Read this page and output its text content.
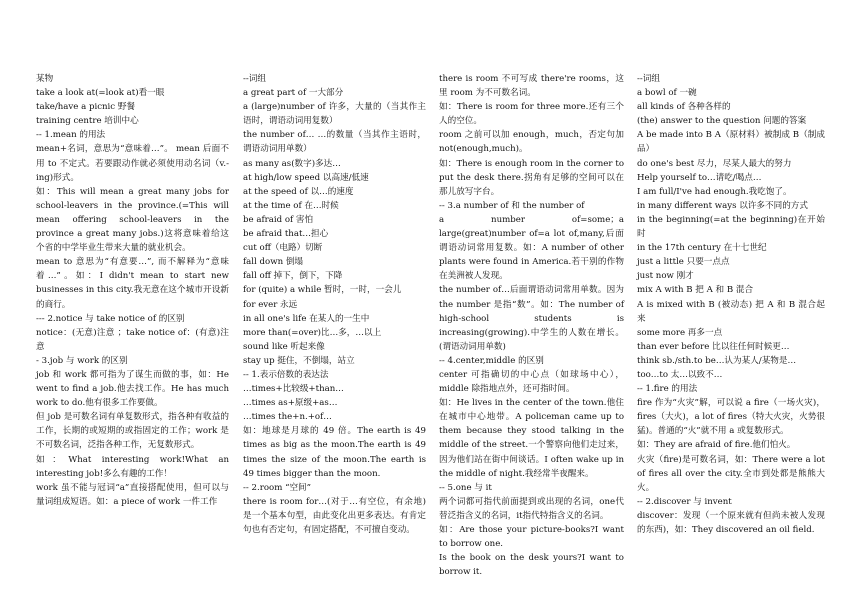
某物

take a look at(=look at)看一眼

take/have a picnic 野餐

training centre 培训中心

-- 1.mean 的用法

mean+名词，意思为“意味着…”。 mean 后面不用 to 不定式。若要跟动作就必须使用动名词（v.-ing)形式。

如：This will mean a great many jobs for school-leavers in the province.(=This will mean offering school-leavers in the province a great many jobs.)这将意味着给这个省的中学毕业生带来大量的就业机会。

mean to 意思为“有意要…”, 而不解释为“意味着…”。如：I didn't mean to start new businesses in this city.我无意在这个城市开设新的商行。

--- 2.notice 与 take notice of 的区别

notice：(无意)注意 ；take notice of：(有意)注意

- 3.job 与 work 的区别

job 和 work 都可指为了谋生而做的事，如：He went to find a job.他去找工作。He has much work to do.他有很多工作要做。

但 job 是可数名词有单复数形式，指各种有收益的工作，长期的或短期的或指固定的工作；work 是不可数名词，泛指各种工作，无复数形式。

如：What interesting work!What an interesting job!多么有趣的工作！

work 虽不能与冠词“a”直接搭配使用，但可以与量词组成短语。如：a piece of work 一件工作

--词组

a great part of 一大部分

a (large)number of 许多，大量的（当其作主语时，谓语动词用复数）

the number of… …的数量（当其作主语时，谓语动词用单数）

as many as(数字)多达…

at high/low speed 以高速/低速

at the speed of 以…的速度

at the time of 在…时候

be afraid of 害怕

be afraid that…担心

cut off（电路）切断

fall down 倒塌

fall off 掉下，倒下，下降

for (quite) a while 暂时，一时，一会儿

for ever 永远

in all one's life 在某人的一生中

more than(=over)比…多，…以上

sound like 听起来像

stay up 挺住，不倒塌，站立

-- 1.表示倍数的表达法

…times+比较级+than…

…times as+原级+as…

…times the+n.+of…

如：地球是月球的 49 倍。The earth is 49 times as big as the moon.The earth is 49 times the size of the moon.The earth is 49 times bigger than the moon.

-- 2.room “空间”

there is room for…(对于…有空位，有余地)是一个基本句型，由此变化出更多表达。有肯定句也有否定句，有固定搭配，不可擅自变动。

there is room 不可写成 there're rooms，这里 room 为不可数名词。

如：There is room for three more.还有三个人的空位。

room 之前可以加 enough，much，否定句加 not(enough,much)。

如：There is enough room in the corner to put the desk there.拐角有足够的空间可以在那儿放写字台。

-- 3.a number of 和 the number of

a number of=some；a large(great)number of=a lot of,many,后面谓语动词常用复数。如：A number of other plants were found in America.若干别的作物在美洲被人发现。

the number of…后面谓语动词常用单数。因为the number 是指“数”。如：The number of high-school students is increasing(growing).中学生的人数在增长。(谓语动词用单数)

-- 4.center,middle 的区别

center 可指确切的中心点（如球场中心），middle 除指地点外，还可指时间。

如：He lives in the center of the town.他住在城市中心地带。A policeman came up to them because they stood talking in the middle of the street.一个警察向他们走过来，因为他们站在街中间谈话。I often wake up in the middle of night.我经常半夜醒来。

-- 5.one 与 it

两个词都可指代前面提到或出现的名词，one代替泛指含义的名词，it指代特指含义的名词。

如：Are those your picture-books?I want to borrow one.

Is the book on the desk yours?I want to borrow it.

--词组

a bowl of 一碗

all kinds of 各种各样的

(the) answer to the question 问题的答案

A be made into B A（原材料）被制成 B（制成品）

do one's best 尽力，尽某人最大的努力

Help yourself to…请吃/喝点…

I am full/I've had enough.我吃饱了。

in many different ways 以许多不同的方式

in the beginning(=at the beginning)在开始时

in the 17th century 在十七世纪

just a little 只要一点点

just now 刚才

mix A with B 把 A 和 B 混合

A is mixed with B (被动态) 把 A 和 B 混合起来

some more 再多一点

than ever before 比以往任何时候更…

think sb./sth.to be…认为某人/某物是…

too…to 太…以致不…

-- 1.fire 的用法

fire 作为“火灾”解，可以说 a fire（一场火灾)，fires（大火)，a lot of fires（特大火灾，火势很猛)。普通的“火”就不用 a 或复数形式。

如：They are afraid of fire.他们怕火。

火灾（fire)是可数名词，如：There were a lot of fires all over the city.全市到处都是熊熊大火。

-- 2.discover 与 invent

discover：发现（一个原来就有但尚未被人发现的东西)，如：They discovered an oil field.
